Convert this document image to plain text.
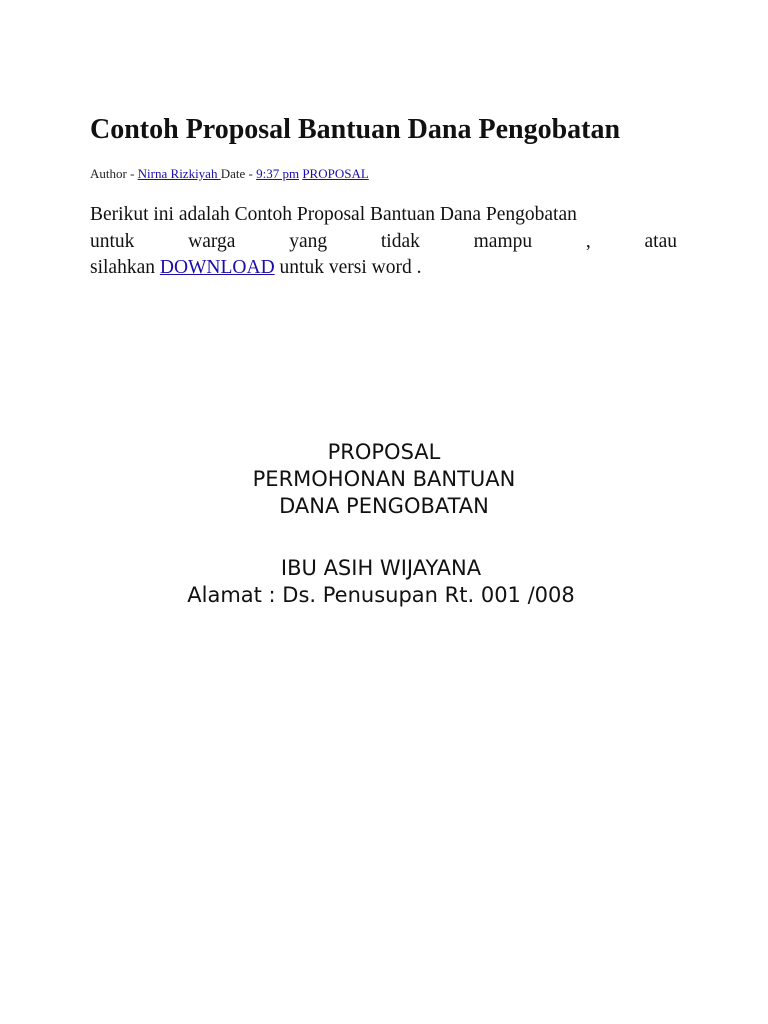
Contoh Proposal Bantuan Dana Pengobatan
Author - Nirna Rizkiyah Date - 9:37 pm PROPOSAL
Berikut ini adalah Contoh Proposal Bantuan Dana Pengobatan
untuk	warga	yang	tidak	mampu	,	atau
silahkan DOWNLOAD untuk versi word .
PROPOSAL
PERMOHONAN BANTUAN
DANA PENGOBATAN
IBU ASIH WIJAYANA
Alamat : Ds. Penusupan Rt. 001 /008
